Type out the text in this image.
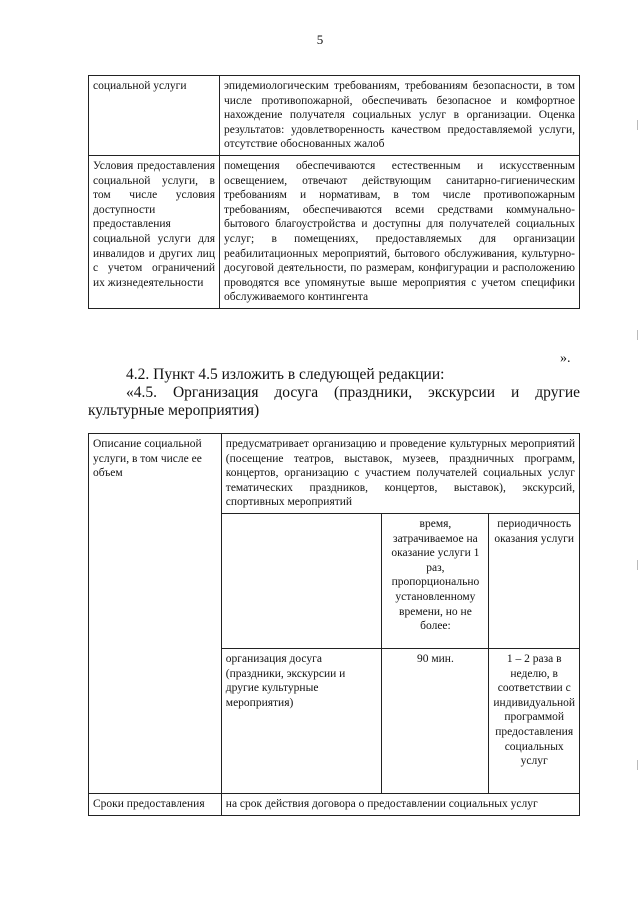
5
социальной услуги	эпидемиологическим требованиям, требованиям безопасности, в том числе противопожарной, обеспечивать безопасное и комфортное нахождение получателя социальных услуг в организации. Оценка результатов: удовлетворенность качеством предоставляемой услуги, отсутствие обоснованных жалоб
Условия предоставления социальной услуги, в том числе условия доступности предоставления социальной услуги для инвалидов и других лиц с учетом ограничений их жизнедеятельности	помещения обеспечиваются естественным и искусственным освещением, отвечают действующим санитарно-гигиеническим требованиям и нормативам, в том числе противопожарным требованиям, обеспечиваются всеми средствами коммунально-бытового благоустройства и доступны для получателей социальных услуг; в помещениях, предоставляемых для организации реабилитационных мероприятий, бытового обслуживания, культурно-досуговой деятельности, по размерам, конфигурации и расположению проводятся все упомянутые выше мероприятия с учетом специфики обслуживаемого контингента
».
4.2. Пункт 4.5 изложить в следующей редакции:
«4.5. Организация досуга (праздники, экскурсии и другие
культурные мероприятия)
Описание социальной услуги, в том числе ее объем	предусматривает организацию и проведение культурных мероприятий (посещение театров, выставок, музеев, праздничных программ, концертов, организацию с участием получателей социальных услуг тематических праздников, концертов, выставок), экскурсий, спортивных мероприятий		
		время, затрачиваемое на оказание услуги 1 раз, пропорционально установленному времени, но не более:	периодичность оказания услуги
	организация досуга (праздники, экскурсии и другие культурные мероприятия)	90 мин.	1 – 2 раза в неделю, в соответствии с индивидуальной программой предоставления социальных услуг
Сроки предоставления	на срок действия договора о предоставлении социальных услуг		
